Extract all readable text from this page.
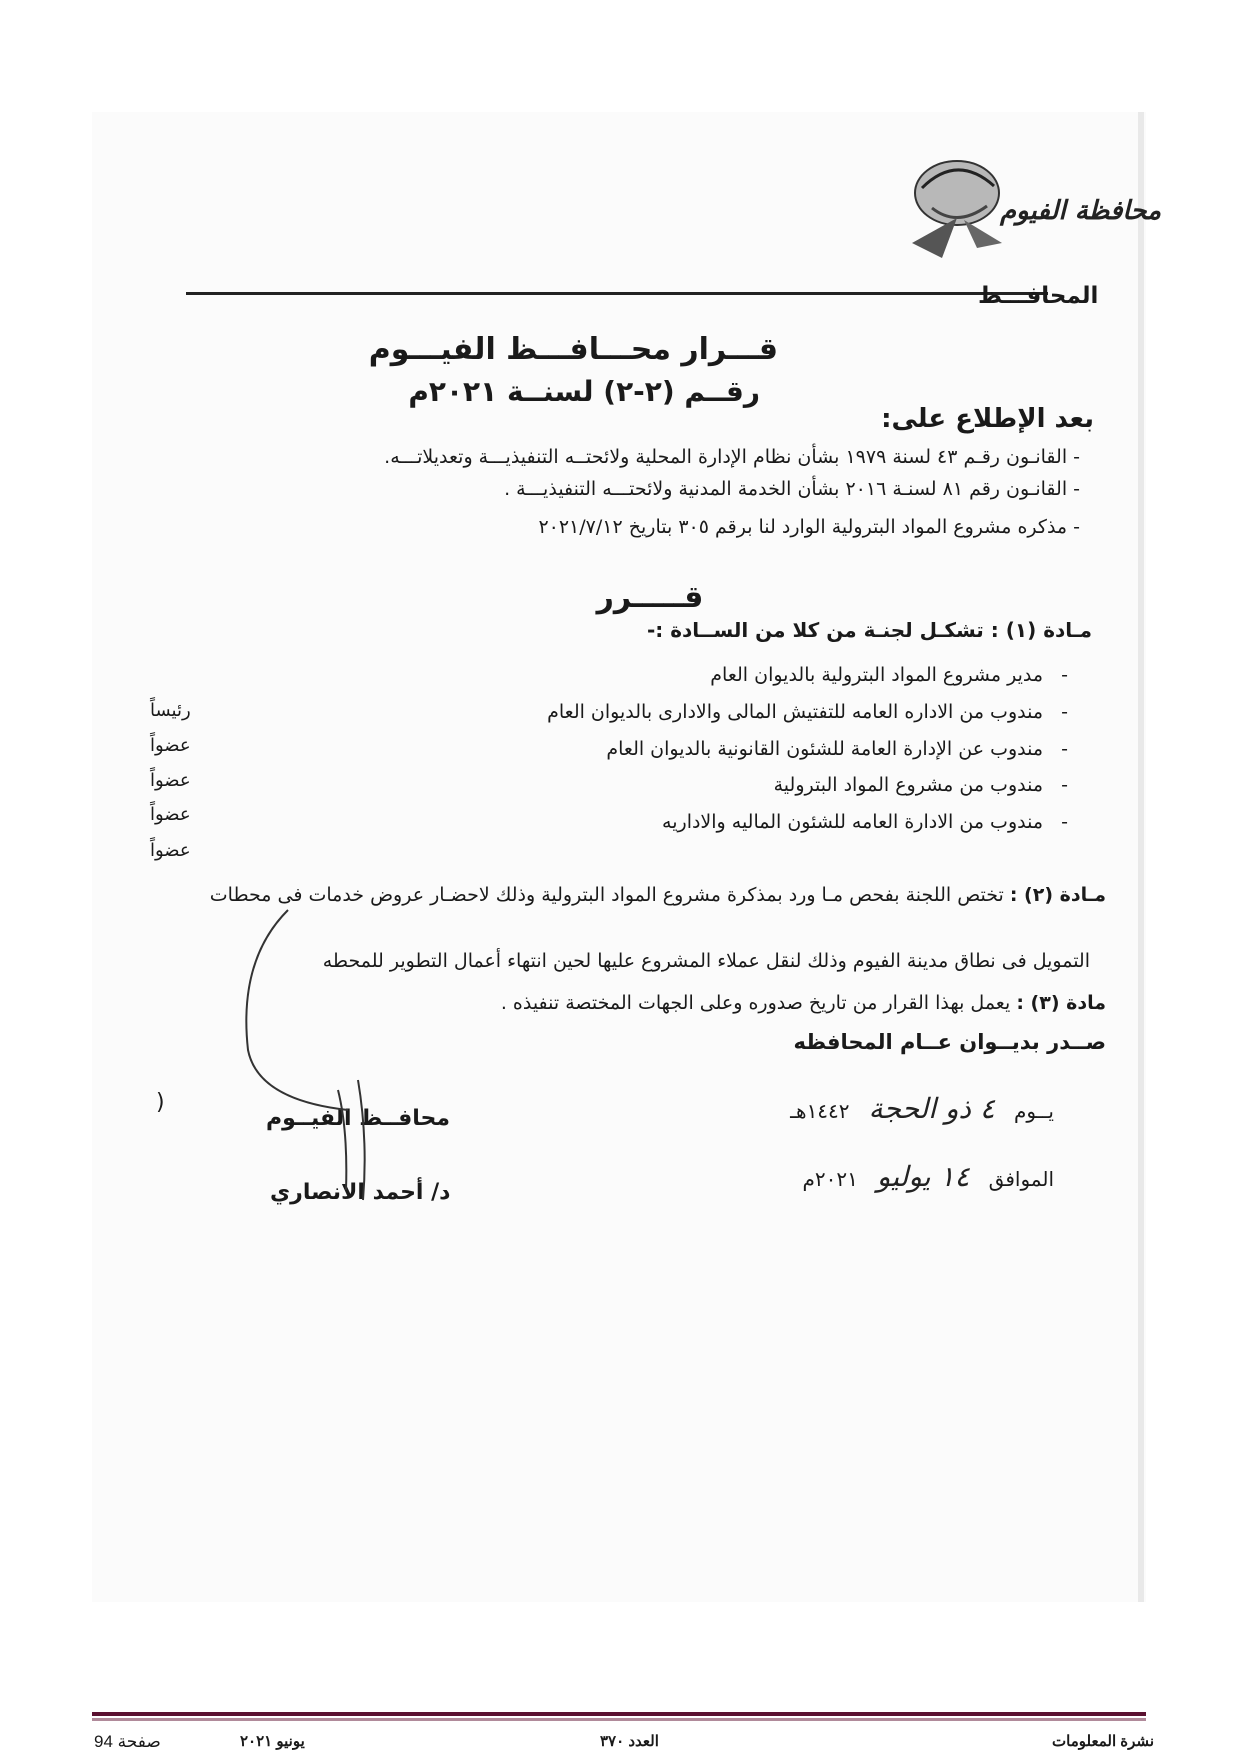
محافظة الفيوم
المحافـــظ
قـــرار محـــافـــظ الفيـــوم
رقــم (٢-٢) لسنــة ٢٠٢١م
بعد الإطلاع على:
- القانـون رقـم ٤٣ لسنة ١٩٧٩ بشأن نظام الإدارة المحلية ولائحتــه التنفيذيـــة وتعديلاتـــه.
- القانـون رقم ٨١ لسنـة ٢٠١٦ بشأن الخدمة المدنية ولائحتـــه التنفيذيـــة .
- مذكره مشروع المواد البترولية الوارد لنا برقم ٣٠٥ بتاريخ ٢٠٢١/٧/١٢
قـــــرر
مـادة (١) : تشكـل لجنـة من كلا من الســادة :-
-   مدير مشروع المواد البترولية بالديوان العام
-   مندوب من الاداره العامه للتفتيش المالى والادارى بالديوان العام
-   مندوب عن الإدارة العامة للشئون القانونية بالديوان العام
-   مندوب من مشروع المواد البترولية
-   مندوب من الادارة العامه للشئون الماليه والاداريه
رئيساً
عضواً
عضواً
عضواً
عضواً
مـادة (٢) : تختص اللجنة بفحص مـا ورد بمذكرة مشروع المواد البترولية وذلك لاحضـار عروض خدمات فى محطات
التمويل فى نطاق مدينة الفيوم وذلك لنقل عملاء المشروع عليها لحين انتهاء أعمال التطوير للمحطه
مادة (٣) : يعمل بهذا القرار من تاريخ صدوره وعلى الجهات المختصة تنفيذه .
صــدر بديــوان عــام المحافظه
يــوم   ٤ ذو الحجة   ١٤٤٢هـ
الموافق   ١٤ يوليو   ٢٠٢١م
محافــظ الفيــوم
د/ أحمد الانصاري
(
نشرة المعلومات
العدد ٣٧٠
يونيو ٢٠٢١
صفحة 94
